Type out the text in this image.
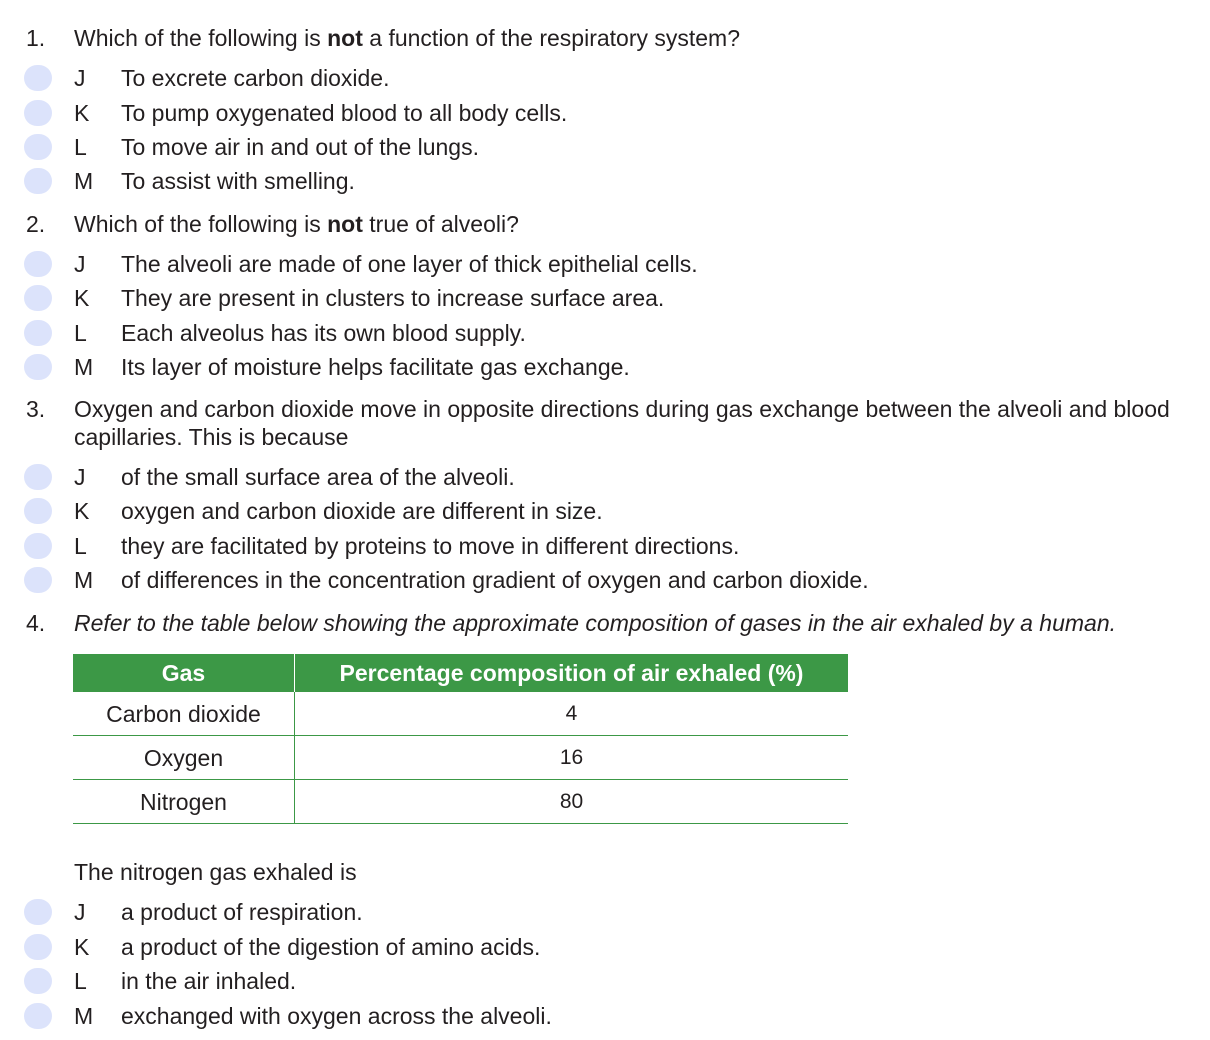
1.	Which of the following is not a function of the respiratory system?
J	To excrete carbon dioxide.
K	To pump oxygenated blood to all body cells.
L	To move air in and out of the lungs.
M	To assist with smelling.
2.	Which of the following is not true of alveoli?
J	The alveoli are made of one layer of thick epithelial cells.
K	They are present in clusters to increase surface area.
L	Each alveolus has its own blood supply.
M	Its layer of moisture helps facilitate gas exchange.
3.	Oxygen and carbon dioxide move in opposite directions during gas exchange between the alveoli and blood
capillaries. This is because
J	of the small surface area of the alveoli.
K	oxygen and carbon dioxide are different in size.
L	they are facilitated by proteins to move in different directions.
M	of differences in the concentration gradient of oxygen and carbon dioxide.
4.	Refer to the table below showing the approximate composition of gases in the air exhaled by a human.
Gas	Percentage composition of air exhaled (%)
Carbon dioxide	4
Oxygen	16
Nitrogen	80
The nitrogen gas exhaled is
J	a product of respiration.
K	a product of the digestion of amino acids.
L	in the air inhaled.
M	exchanged with oxygen across the alveoli.
